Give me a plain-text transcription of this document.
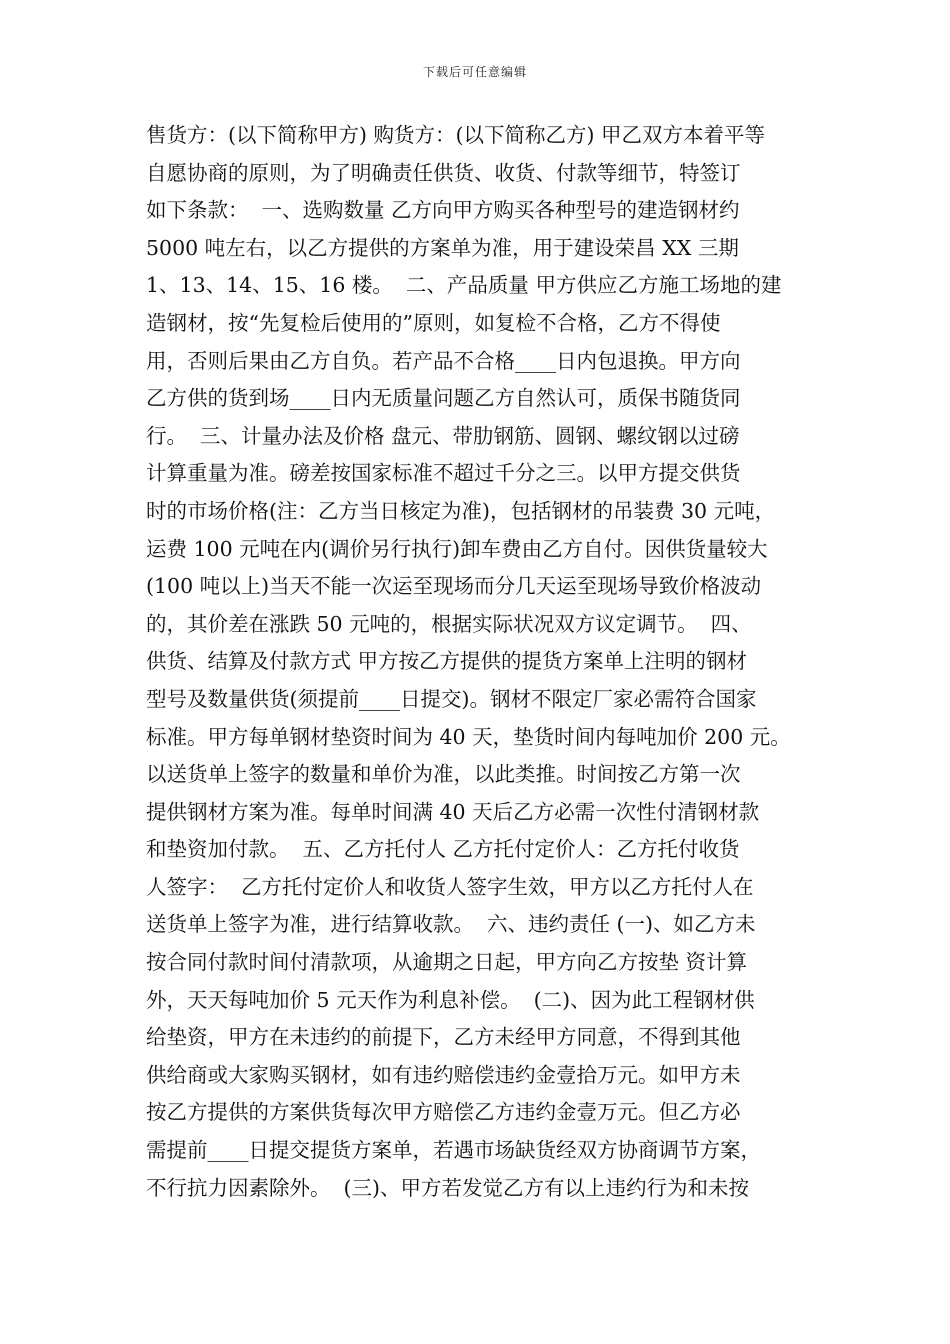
下载后可任意编辑
售货方：(以下简称甲方) 购货方：(以下简称乙方) 甲乙双方本着平等
自愿协商的原则，为了明确责任供货、收货、付款等细节，特签订
如下条款：  一、选购数量 乙方向甲方购买各种型号的建造钢材约
5000 吨左右，以乙方提供的方案单为准，用于建设荣昌 XX 三期
1、13、14、15、16 楼。  二、产品质量 甲方供应乙方施工场地的建
造钢材，按“先复检后使用的”原则，如复检不合格，乙方不得使
用，否则后果由乙方自负。若产品不合格____日内包退换。甲方向
乙方供的货到场____日内无质量问题乙方自然认可，质保书随货同
行。  三、计量办法及价格 盘元、带肋钢筋、圆钢、螺纹钢以过磅
计算重量为准。磅差按国家标准不超过千分之三。以甲方提交供货
时的市场价格(注：乙方当日核定为准)，包括钢材的吊装费 30 元吨，
运费 100 元吨在内(调价另行执行)卸车费由乙方自付。因供货量较大
(100 吨以上)当天不能一次运至现场而分几天运至现场导致价格波动
的，其价差在涨跌 50 元吨的，根据实际状况双方议定调节。  四、
供货、结算及付款方式 甲方按乙方提供的提货方案单上注明的钢材
型号及数量供货(须提前____日提交)。钢材不限定厂家必需符合国家
标准。甲方每单钢材垫资时间为 40 天，垫货时间内每吨加价 200 元。
以送货单上签字的数量和单价为准，以此类推。时间按乙方第一次
提供钢材方案为准。每单时间满 40 天后乙方必需一次性付清钢材款
和垫资加付款。  五、乙方托付人 乙方托付定价人：乙方托付收货
人签字：  乙方托付定价人和收货人签字生效，甲方以乙方托付人在
送货单上签字为准，进行结算收款。  六、违约责任 (一)、如乙方未
按合同付款时间付清款项，从逾期之日起，甲方向乙方按垫 资计算
外，天天每吨加价 5 元天作为利息补偿。  (二)、因为此工程钢材供
给垫资，甲方在未违约的前提下，乙方未经甲方同意，不得到其他
供给商或大家购买钢材，如有违约赔偿违约金壹拾万元。如甲方未
按乙方提供的方案供货每次甲方赔偿乙方违约金壹万元。但乙方必
需提前____日提交提货方案单，若遇市场缺货经双方协商调节方案，
不行抗力因素除外。  (三)、甲方若发觉乙方有以上违约行为和未按
